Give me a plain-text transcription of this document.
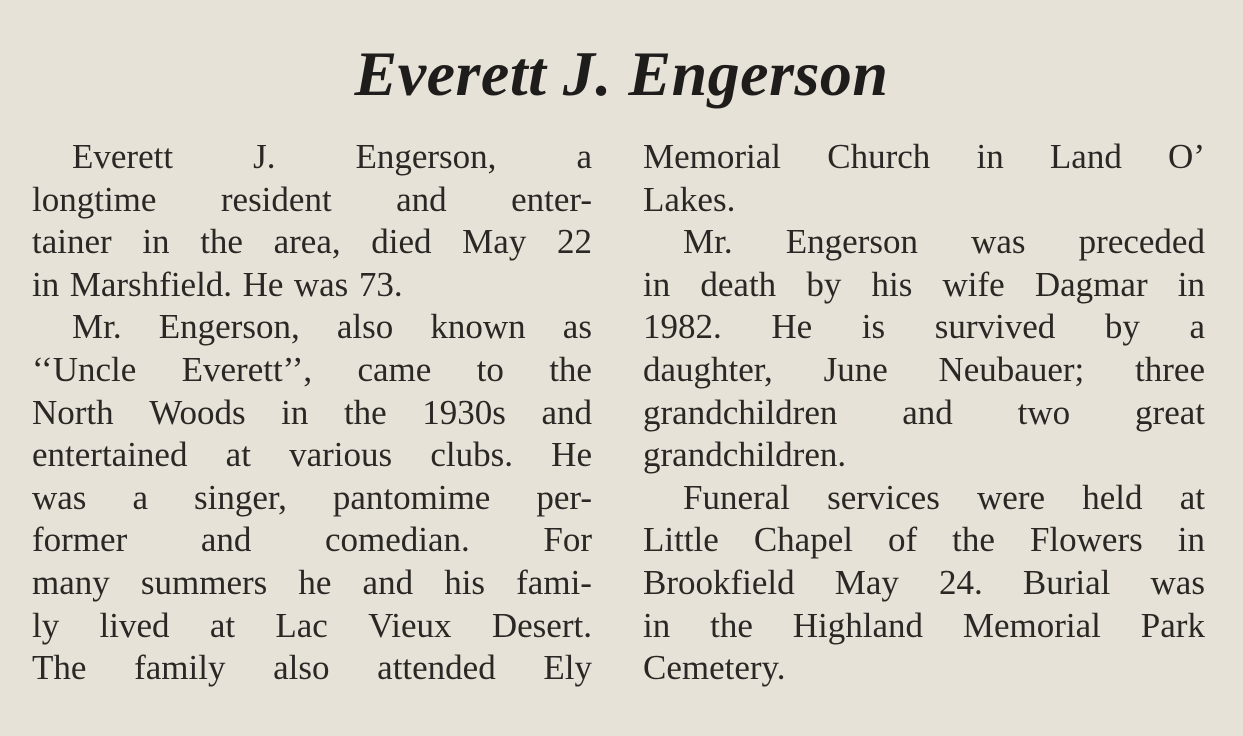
Everett J. Engerson
Everett J. Engerson, a
longtime resident and enter-
tainer in the area, died May 22
in Marshfield. He was 73.
Mr. Engerson, also known as
‘‘Uncle Everett’’, came to the
North Woods in the 1930s and
entertained at various clubs. He
was a singer, pantomime per-
former and comedian. For
many summers he and his fami-
ly lived at Lac Vieux Desert.
The family also attended Ely
Memorial Church in Land O’
Lakes.
Mr. Engerson was preceded
in death by his wife Dagmar in
1982. He is survived by a
daughter, June Neubauer; three
grandchildren and two great
grandchildren.
Funeral services were held at
Little Chapel of the Flowers in
Brookfield May 24. Burial was
in the Highland Memorial Park
Cemetery.
